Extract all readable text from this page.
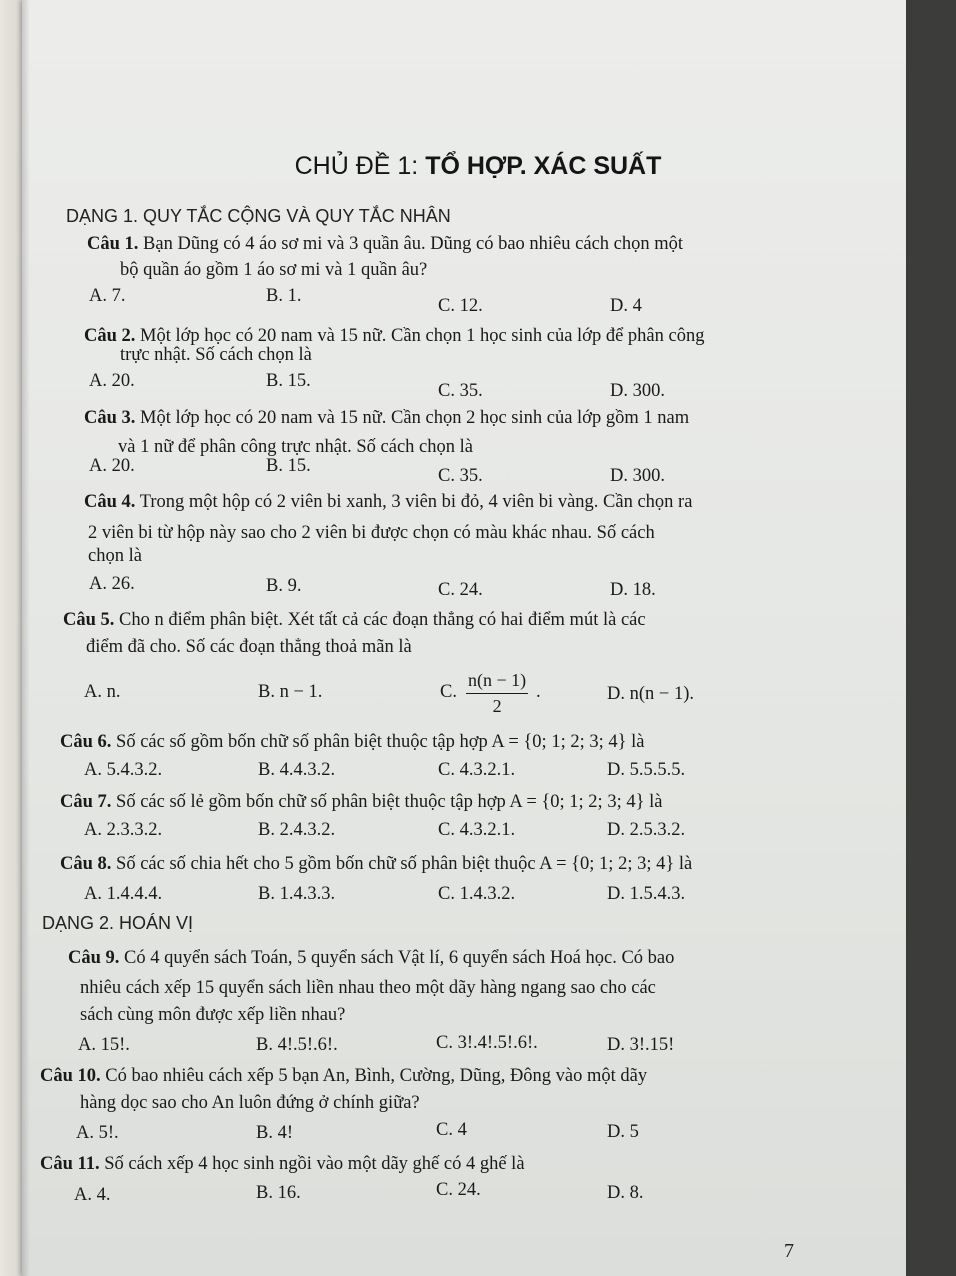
CHỦ ĐỀ 1: TỔ HỢP. XÁC SUẤT
DẠNG 1. QUY TẮC CỘNG VÀ QUY TẮC NHÂN
Câu 1. Bạn Dũng có 4 áo sơ mi và 3 quần âu. Dũng có bao nhiêu cách chọn một
bộ quần áo gồm 1 áo sơ mi và 1 quần âu?
A. 7.	B. 1.	C. 12.	D. 4
Câu 2. Một lớp học có 20 nam và 15 nữ. Cần chọn 1 học sinh của lớp để phân công
trực nhật. Số cách chọn là
A. 20.	B. 15.	C. 35.	D. 300.
Câu 3. Một lớp học có 20 nam và 15 nữ. Cần chọn 2 học sinh của lớp gồm 1 nam
và 1 nữ để phân công trực nhật. Số cách chọn là
A. 20.	B. 15.	C. 35.	D. 300.
Câu 4. Trong một hộp có 2 viên bi xanh, 3 viên bi đỏ, 4 viên bi vàng. Cần chọn ra
2 viên bi từ hộp này sao cho 2 viên bi được chọn có màu khác nhau. Số cách
chọn là
A. 26.	B. 9.	C. 24.	D. 18.
Câu 5. Cho n điểm phân biệt. Xét tất cả các đoạn thẳng có hai điểm mút là các
điểm đã cho. Số các đoạn thẳng thoả mãn là
A. n.	B. n − 1.	C. $\frac{n(n - 1)}{2}$ .	D. n(n − 1).
Câu 6. Số các số gồm bốn chữ số phân biệt thuộc tập hợp A = {0; 1; 2; 3; 4} là
A. 5.4.3.2.	B. 4.4.3.2.	C. 4.3.2.1.	D. 5.5.5.5.
Câu 7. Số các số lẻ gồm bốn chữ số phân biệt thuộc tập hợp A = {0; 1; 2; 3; 4} là
A. 2.3.3.2.	B. 2.4.3.2.	C. 4.3.2.1.	D. 2.5.3.2.
Câu 8. Số các số chia hết cho 5 gồm bốn chữ số phân biệt thuộc A = {0; 1; 2; 3; 4} là
A. 1.4.4.4.	B. 1.4.3.3.	C. 1.4.3.2.	D. 1.5.4.3.
DẠNG 2. HOÁN VỊ
Câu 9. Có 4 quyển sách Toán, 5 quyển sách Vật lí, 6 quyển sách Hoá học. Có bao
nhiêu cách xếp 15 quyển sách liền nhau theo một dãy hàng ngang sao cho các
sách cùng môn được xếp liền nhau?
A. 15!.	B. 4!.5!.6!.	C. 3!.4!.5!.6!.	D. 3!.15!
Câu 10. Có bao nhiêu cách xếp 5 bạn An, Bình, Cường, Dũng, Đông vào một dãy
hàng dọc sao cho An luôn đứng ở chính giữa?
A. 5!.	B. 4!	C. 4	D. 5
Câu 11. Số cách xếp 4 học sinh ngồi vào một dãy ghế có 4 ghế là
A. 4.	B. 16.	C. 24.	D. 8.
7
